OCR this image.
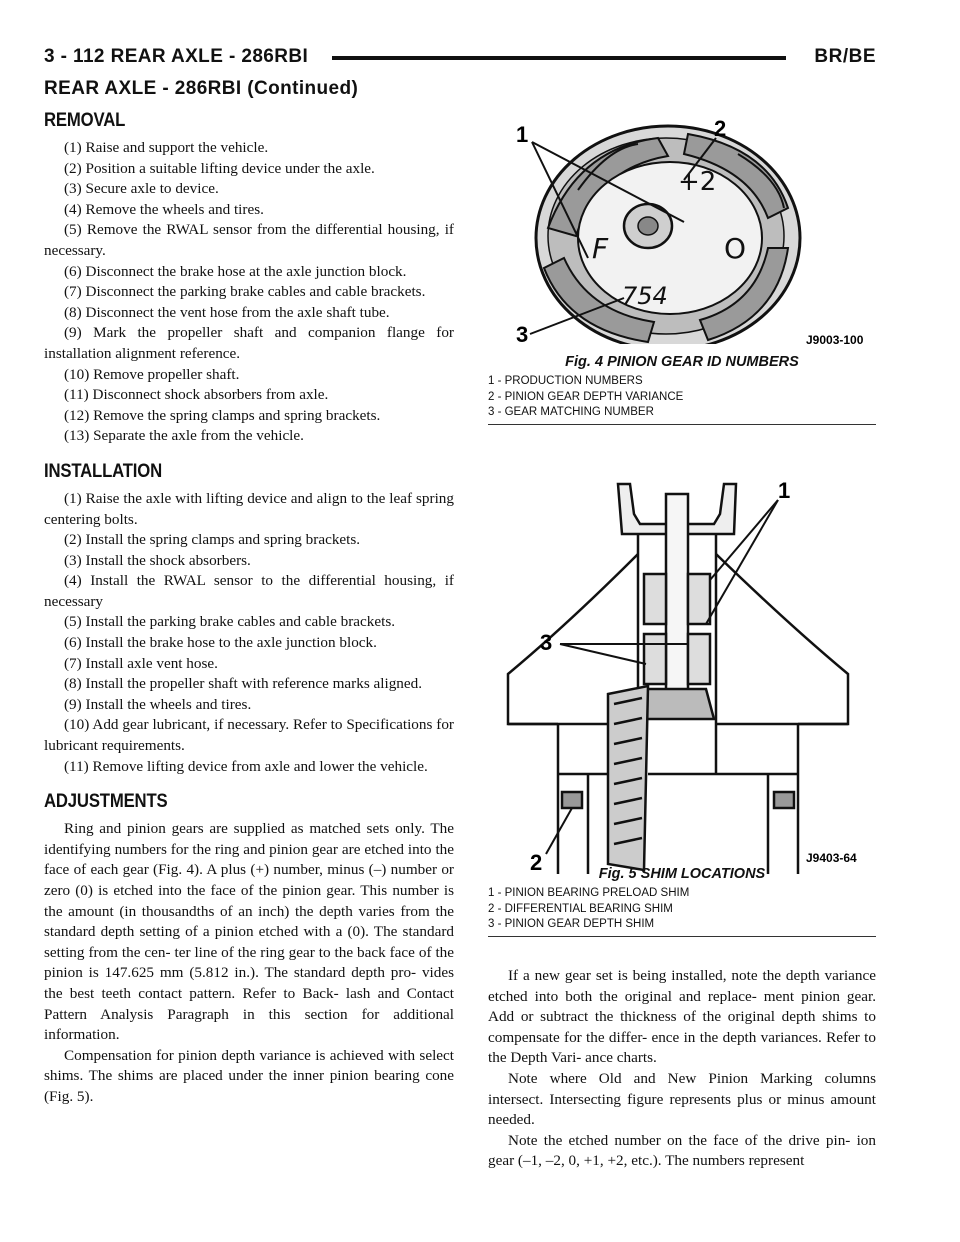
3 - 112 REAR AXLE - 286RBI	BR/BE
REAR AXLE - 286RBI (Continued)
REMOVAL

(1) Raise and support the vehicle.

(2) Position a suitable lifting device under the axle.

(3) Secure axle to device.

(4) Remove the wheels and tires.

(5) Remove the RWAL sensor from the differential housing, if necessary.

(6) Disconnect the brake hose at the axle junction block.

(7) Disconnect the parking brake cables and cable brackets.

(8) Disconnect the vent hose from the axle shaft tube.

(9) Mark the propeller shaft and companion flange for installation alignment reference.

(10) Remove propeller shaft.

(11) Disconnect shock absorbers from axle.

(12) Remove the spring clamps and spring brackets.

(13) Separate the axle from the vehicle.

INSTALLATION

(1) Raise the axle with lifting device and align to the leaf spring centering bolts.

(2) Install the spring clamps and spring brackets.

(3) Install the shock absorbers.

(4) Install the RWAL sensor to the differential housing, if necessary

(5) Install the parking brake cables and cable brackets.

(6) Install the brake hose to the axle junction block.

(7) Install axle vent hose.

(8) Install the propeller shaft with reference marks aligned.

(9) Install the wheels and tires.

(10) Add gear lubricant, if necessary. Refer to Specifications for lubricant requirements.

(11) Remove lifting device from axle and lower the vehicle.

ADJUSTMENTS

Ring and pinion gears are supplied as matched sets only. The identifying numbers for the ring and pinion gear are etched into the face of each gear (Fig. 4). A plus (+) number, minus (–) number or zero (0) is etched into the face of the pinion gear. This number is the amount (in thousandths of an inch) the depth varies from the standard depth setting of a pinion etched with a (0). The standard setting from the cen- ter line of the ring gear to the back face of the pinion is 147.625 mm (5.812 in.). The standard depth pro- vides the best teeth contact pattern. Refer to Back- lash and Contact Pattern Analysis Paragraph in this section for additional information.

Compensation for pinion depth variance is achieved with select shims. The shims are placed under the inner pinion bearing cone (Fig. 5).

+2
F	O
754
1	2
3	J9003-100

Fig. 4 PINION GEAR ID NUMBERS

1 - PRODUCTION NUMBERS

2 - PINION GEAR DEPTH VARIANCE

3 - GEAR MATCHING NUMBER

1
2
3
J9403-64

Fig. 5 SHIM LOCATIONS

1 - PINION BEARING PRELOAD SHIM

2 - DIFFERENTIAL BEARING SHIM

3 - PINION GEAR DEPTH SHIM

If a new gear set is being installed, note the depth variance etched into both the original and replace- ment pinion gear. Add or subtract the thickness of the original depth shims to compensate for the differ- ence in the depth variances. Refer to the Depth Vari- ance charts.

Note where Old and New Pinion Marking columns intersect. Intersecting figure represents plus or minus amount needed.

Note the etched number on the face of the drive pin- ion gear (–1, –2, 0, +1, +2, etc.). The numbers represent
